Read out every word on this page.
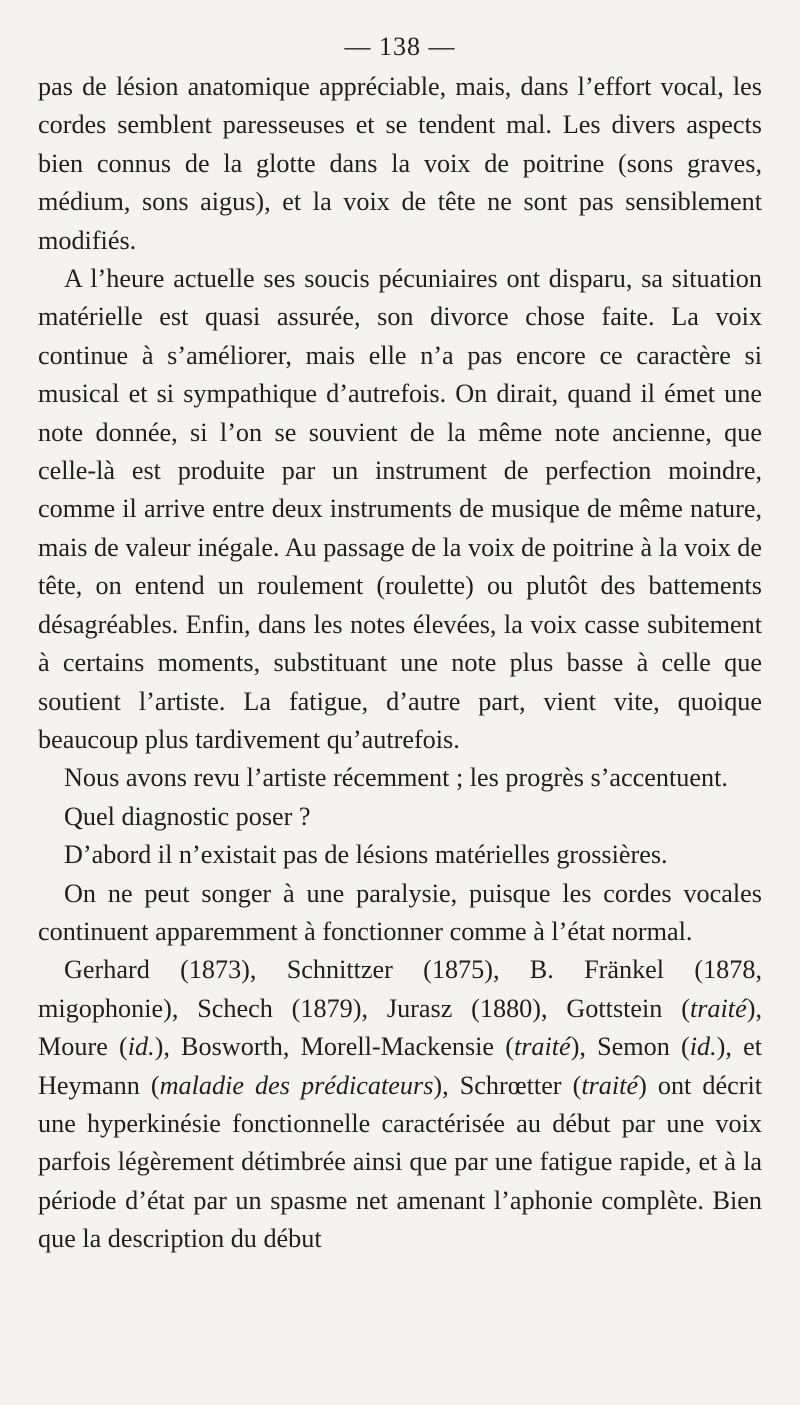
— 138 —

pas de lésion anatomique appréciable, mais, dans l’effort vocal, les cordes semblent paresseuses et se tendent mal. Les divers aspects bien connus de la glotte dans la voix de poitrine (sons graves, médium, sons aigus), et la voix de tête ne sont pas sensiblement modifiés.

A l’heure actuelle ses soucis pécuniaires ont disparu, sa situation matérielle est quasi assurée, son divorce chose faite. La voix continue à s’améliorer, mais elle n’a pas encore ce caractère si musical et si sympathique d’autrefois. On dirait, quand il émet une note donnée, si l’on se souvient de la même note ancienne, que celle-là est produite par un instrument de perfection moindre, comme il arrive entre deux instruments de musique de même nature, mais de valeur inégale. Au passage de la voix de poitrine à la voix de tête, on entend un roulement (roulette) ou plutôt des battements désagréables. Enfin, dans les notes élevées, la voix casse subitement à certains moments, substituant une note plus basse à celle que soutient l’artiste. La fatigue, d’autre part, vient vite, quoique beaucoup plus tardivement qu’autrefois.

Nous avons revu l’artiste récemment ; les progrès s’accentuent.

Quel diagnostic poser ?

D’abord il n’existait pas de lésions matérielles grossières.

On ne peut songer à une paralysie, puisque les cordes vocales continuent apparemment à fonctionner comme à l’état normal.

Gerhard (1873), Schnittzer (1875), B. Fränkel (1878, migophonie), Schech (1879), Jurasz (1880), Gottstein (traité), Moure (id.), Bosworth, Morell-Mackensie (traité), Semon (id.), et Heymann (maladie des prédicateurs), Schrœtter (traité) ont décrit une hyperkinésie fonctionnelle caractérisée au début par une voix parfois légèrement détimbrée ainsi que par une fatigue rapide, et à la période d’état par un spasme net amenant l’aphonie complète. Bien que la description du début
